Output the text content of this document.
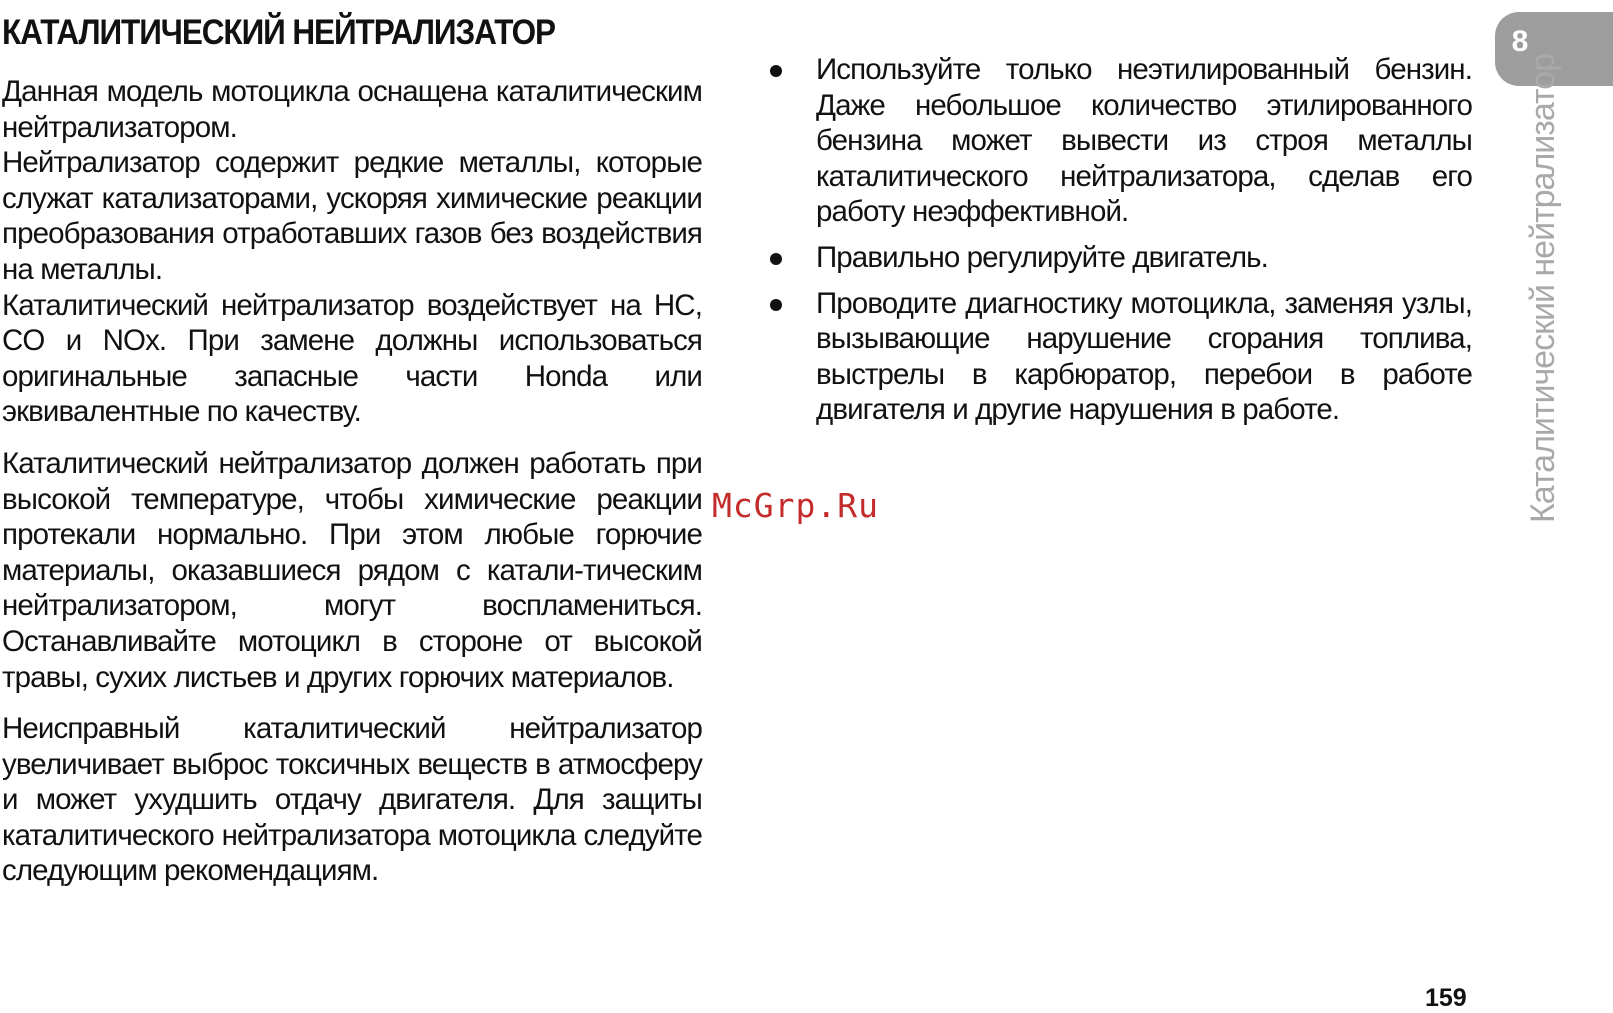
КАТАЛИТИЧЕСКИЙ НЕЙТРАЛИЗАТОР

Данная модель мотоцикла оснащена каталитическим нейтрализатором.

Нейтрализатор содержит редкие металлы, которые служат катализаторами, ускоряя химические реакции преобразования отработавших газов без воздействия на металлы.

Каталитический нейтрализатор воздействует на HC, CO и NOx. При замене должны использоваться оригинальные запасные части Honda или эквивалентные по качеству.

Каталитический нейтрализатор должен работать при высокой температуре, чтобы химические реакции протекали нормально. При этом любые горючие материалы, оказавшиеся рядом с катали-тическим нейтрализатором, могут воспламениться. Останавливайте мотоцикл в стороне от высокой травы, сухих листьев и других горючих материалов.

Неисправный каталитический нейтрализатор увеличивает выброс токсичных веществ в атмосферу и может ухудшить отдачу двигателя. Для защиты каталитического нейтрализатора мотоцикла следуйте следующим рекомендациям.

Используйте только неэтилированный бензин. Даже небольшое количество этилированного бензина может вывести из строя металлы каталитического нейтрализатора, сделав его работу неэффективной.
Правильно регулируйте двигатель.
Проводите диагностику мотоцикла, заменяя узлы, вызывающие нарушение сгорания топлива, выстрелы в карбюратор, перебои в работе двигателя и другие нарушения в работе.
McGrp.Ru
8
Каталитический нейтрализатор
159
